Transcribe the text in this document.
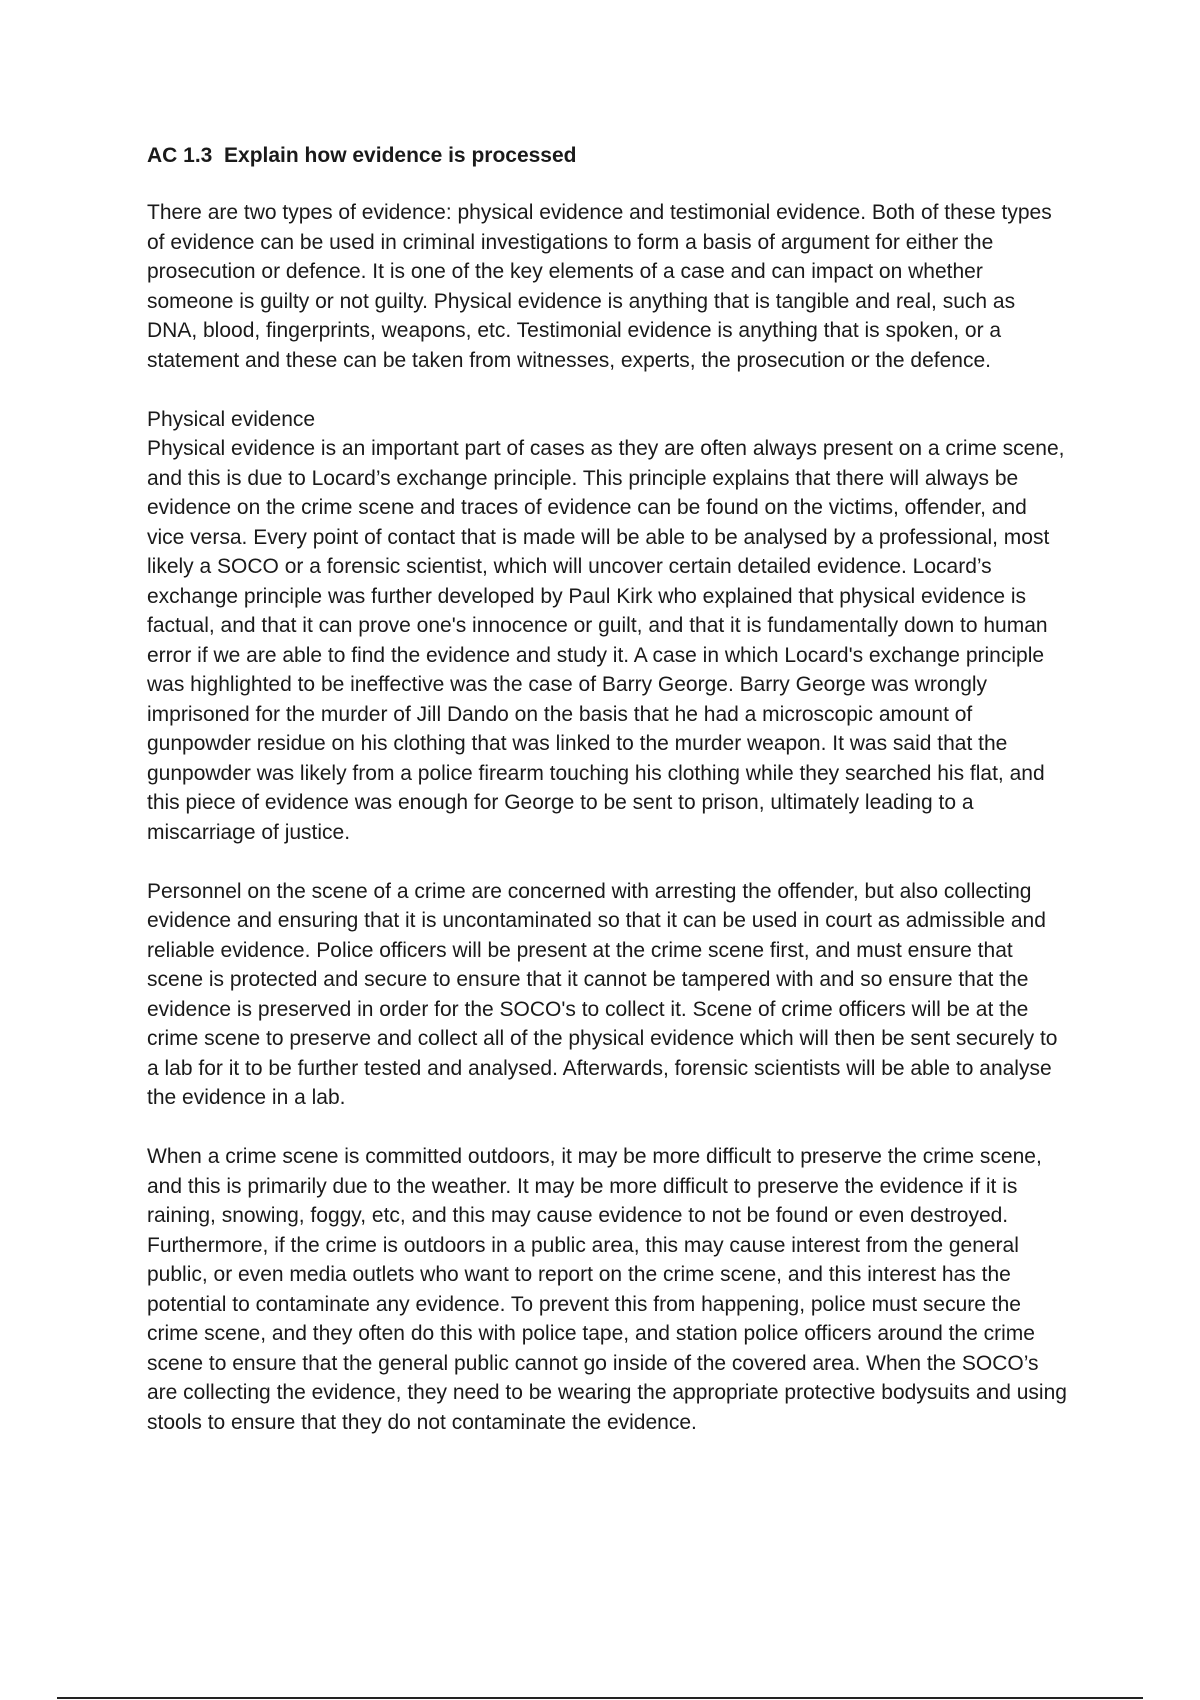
AC 1.3  Explain how evidence is processed

There are two types of evidence: physical evidence and testimonial evidence. Both of these types of evidence can be used in criminal investigations to form a basis of argument for either the prosecution or defence. It is one of the key elements of a case and can impact on whether someone is guilty or not guilty. Physical evidence is anything that is tangible and real, such as DNA, blood, fingerprints, weapons, etc. Testimonial evidence is anything that is spoken, or a statement and these can be taken from witnesses, experts, the prosecution or the defence.

Physical evidence
Physical evidence is an important part of cases as they are often always present on a crime scene, and this is due to Locard’s exchange principle. This principle explains that there will always be evidence on the crime scene and traces of evidence can be found on the victims, offender, and vice versa. Every point of contact that is made will be able to be analysed by a professional, most likely a SOCO or a forensic scientist, which will uncover certain detailed evidence. Locard’s exchange principle was further developed by Paul Kirk who explained that physical evidence is factual, and that it can prove one's innocence or guilt, and that it is fundamentally down to human error if we are able to find the evidence and study it. A case in which Locard's exchange principle was highlighted to be ineffective was the case of Barry George. Barry George was wrongly imprisoned for the murder of Jill Dando on the basis that he had a microscopic amount of gunpowder residue on his clothing that was linked to the murder weapon. It was said that the gunpowder was likely from a police firearm touching his clothing while they searched his flat, and this piece of evidence was enough for George to be sent to prison, ultimately leading to a miscarriage of justice.

Personnel on the scene of a crime are concerned with arresting the offender, but also collecting evidence and ensuring that it is uncontaminated so that it can be used in court as admissible and reliable evidence. Police officers will be present at the crime scene first, and must ensure that scene is protected and secure to ensure that it cannot be tampered with and so ensure that the evidence is preserved in order for the SOCO's to collect it. Scene of crime officers will be at the crime scene to preserve and collect all of the physical evidence which will then be sent securely to a lab for it to be further tested and analysed. Afterwards, forensic scientists will be able to analyse the evidence in a lab.

When a crime scene is committed outdoors, it may be more difficult to preserve the crime scene, and this is primarily due to the weather. It may be more difficult to preserve the evidence if it is raining, snowing, foggy, etc, and this may cause evidence to not be found or even destroyed. Furthermore, if the crime is outdoors in a public area, this may cause interest from the general public, or even media outlets who want to report on the crime scene, and this interest has the potential to contaminate any evidence. To prevent this from happening, police must secure the crime scene, and they often do this with police tape, and station police officers around the crime scene to ensure that the general public cannot go inside of the covered area. When the SOCO’s are collecting the evidence, they need to be wearing the appropriate protective bodysuits and using stools to ensure that they do not contaminate the evidence.
